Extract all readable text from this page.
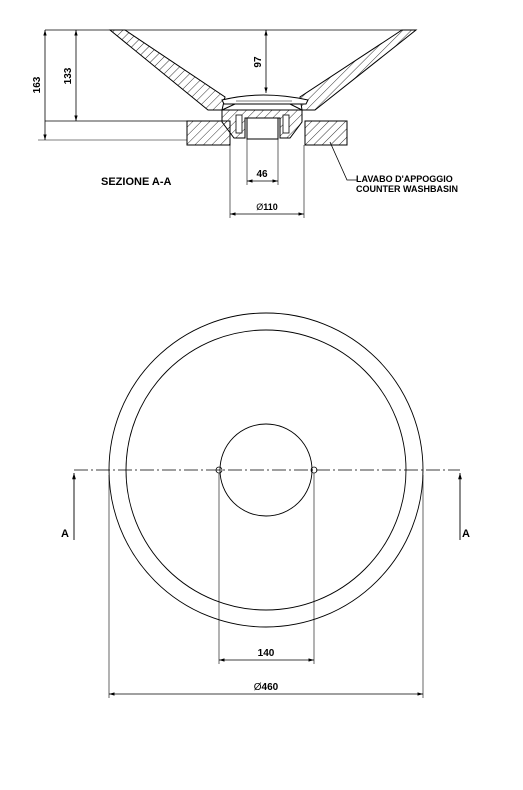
163
133
97
46
Ø110
LAVABO D'APPOGGIO
COUNTER WASHBASIN
SEZIONE A-A
A	A
140
Ø460
